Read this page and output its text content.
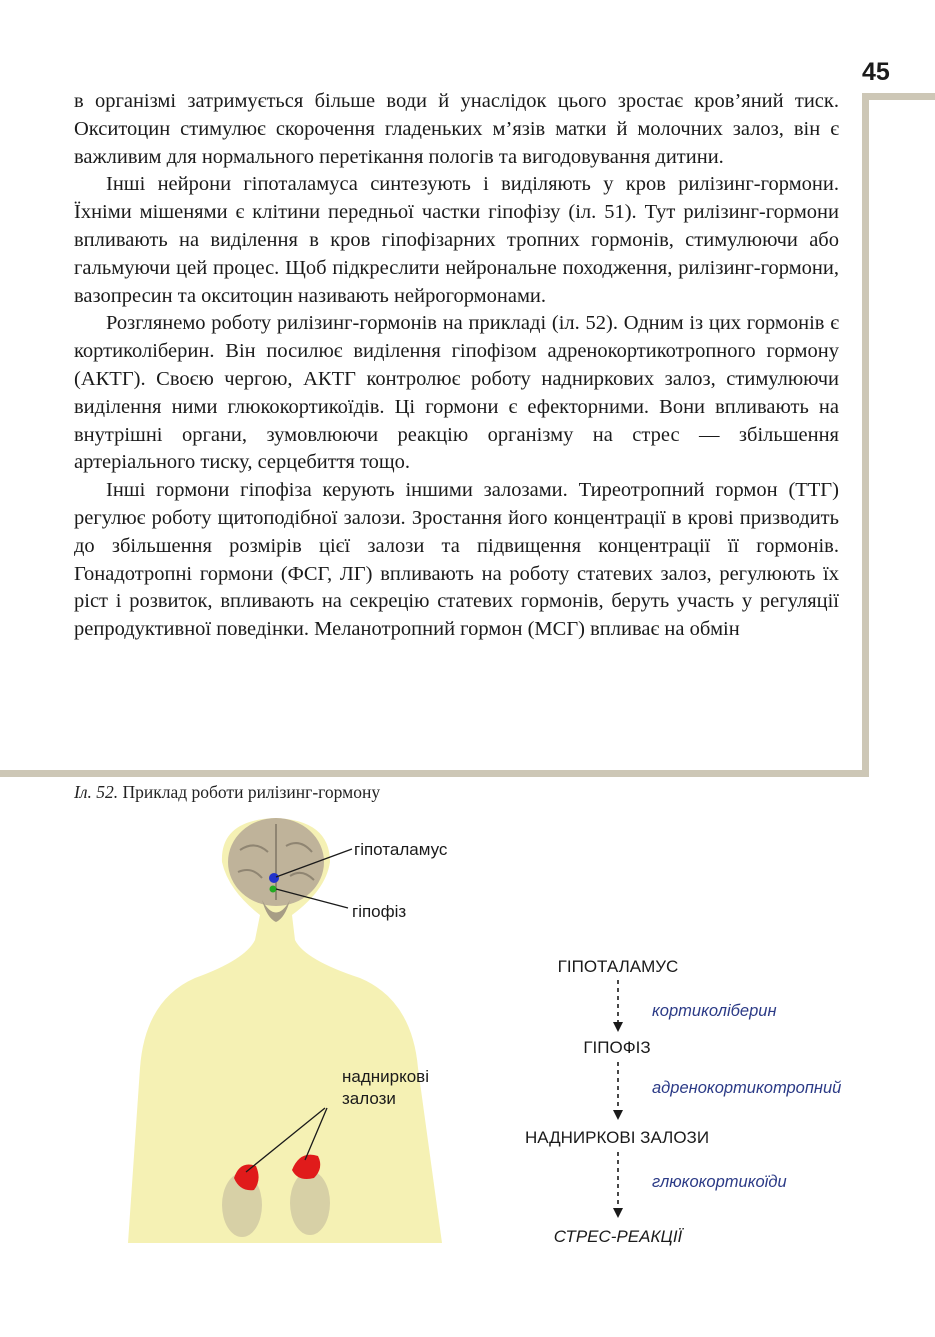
45

в організмі затримується більше води й унаслідок цього зростає кров’яний тиск. Окситоцин стимулює скорочення гладеньких м’язів матки й молочних залоз, він є важливим для нормального перетікання пологів та вигодовування дитини.

Інші нейрони гіпоталамуса синтезують і виділяють у кров рилізинг-гормони. Їхніми мішенями є клітини передньої частки гіпофізу (іл. 51). Тут рилізинг-гормони впливають на виділення в кров гіпофізарних тропних гормонів, стимулюючи або гальмуючи цей процес. Щоб підкреслити нейрональне походження, рилізинг-гормони, вазопресин та окситоцин називають нейрогормонами.

Розглянемо роботу рилізинг-гормонів на прикладі (іл. 52). Одним із цих гормонів є кортиколіберин. Він посилює виділення гіпофізом адренокортикотропного гормону (АКТГ). Своєю чергою, АКТГ контролює роботу надниркових залоз, стимулюючи виділення ними глюкокортикоїдів. Ці гормони є ефекторними. Вони впливають на внутрішні органи, зумовлюючи реакцію організму на стрес — збільшення артеріального тиску, серцебиття тощо.

Інші гормони гіпофіза керують іншими залозами. Тиреотропний гормон (ТТГ) регулює роботу щитоподібної залози. Зростання його концентрації в крові призводить до збільшення розмірів цієї залози та підвищення концентрації її гормонів. Гонадотропні гормони (ФСГ, ЛГ) впливають на роботу статевих залоз, регулюють їх ріст і розвиток, впливають на секрецію статевих гормонів, беруть участь у регуляції репродуктивної поведінки. Меланотропний гормон (МСГ) впливає на обмін

Іл. 52. Приклад роботи рилізинг-гормону
гіпоталамус
гіпофіз
надниркові
залози
ГІПОТАЛАМУС
кортиколіберин
ГІПОФІЗ
адренокортикотропний
НАДНИРКОВІ ЗАЛОЗИ
глюкокортикоїди
СТРЕС-РЕАКЦІЇ
